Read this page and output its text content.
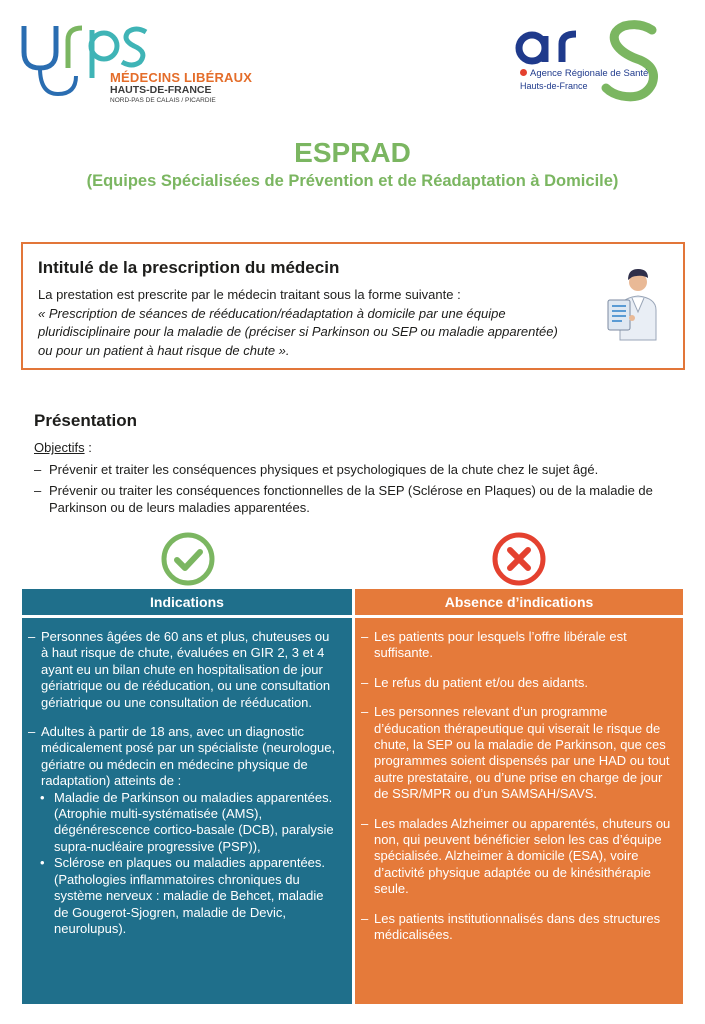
MÉDECINS LIBÉRAUX
HAUTS-DE-FRANCE
NORD-PAS DE CALAIS / PICARDIE
Agence Régionale de Santé
Hauts-de-France
ESPRAD
(Equipes Spécialisées de Prévention et de Réadaptation à Domicile)
Intitulé de la prescription du médecin
La prestation est prescrite par le médecin traitant sous la forme suivante :
« Prescription de séances de rééducation/réadaptation à domicile par une équipe pluridisciplinaire pour la maladie de (préciser si Parkinson ou SEP ou maladie apparentée) ou pour un patient à haut risque de chute ».
Présentation
Objectifs :
– Prévenir et traiter les conséquences physiques et psychologiques de la chute chez le sujet âgé.
– Prévenir ou traiter les conséquences fonctionnelles de la SEP (Sclérose en Plaques) ou de la maladie de Parkinson ou de leurs maladies apparentées.
Indications	Absence d’indications
– Personnes âgées de 60 ans et plus, chuteuses ou à haut risque de chute, évaluées en GIR 2, 3 et 4 ayant eu un bilan chute en hospitalisation de jour gériatrique ou de rééducation, ou une consultation gériatrique ou une consultation de rééducation.
– Adultes à partir de 18 ans, avec un diagnostic médicalement posé par un spécialiste (neurologue, gériatre ou médecin en médecine physique de radaptation) atteints de :
• Maladie de Parkinson ou maladies apparentées.
(Atrophie multi-systématisée (AMS), dégénérescence cortico-basale (DCB), paralysie supra-nucléaire progressive (PSP)),
• Sclérose en plaques ou maladies apparentées.
(Pathologies inflammatoires chroniques du système nerveux : maladie de Behcet, maladie de Gougerot-Sjogren, maladie de Devic, neurolupus).
– Les patients pour lesquels l’offre libérale est suffisante.
– Le refus du patient et/ou des aidants.
– Les personnes relevant d’un programme d’éducation thérapeutique qui viserait le risque de chute, la SEP ou la maladie de Parkinson, que ces programmes soient dispensés par une HAD ou tout autre prestataire, ou d’une prise en charge de jour de SSR/MPR ou d’un SAMSAH/SAVS.
– Les malades Alzheimer ou apparentés, chuteurs ou non, qui peuvent bénéficier selon les cas d’équipe spécialisée. Alzheimer à domicile (ESA), voire d’activité physique adaptée ou de kinésithérapie seule.
– Les patients institutionnalisés dans des structures médicalisées.
